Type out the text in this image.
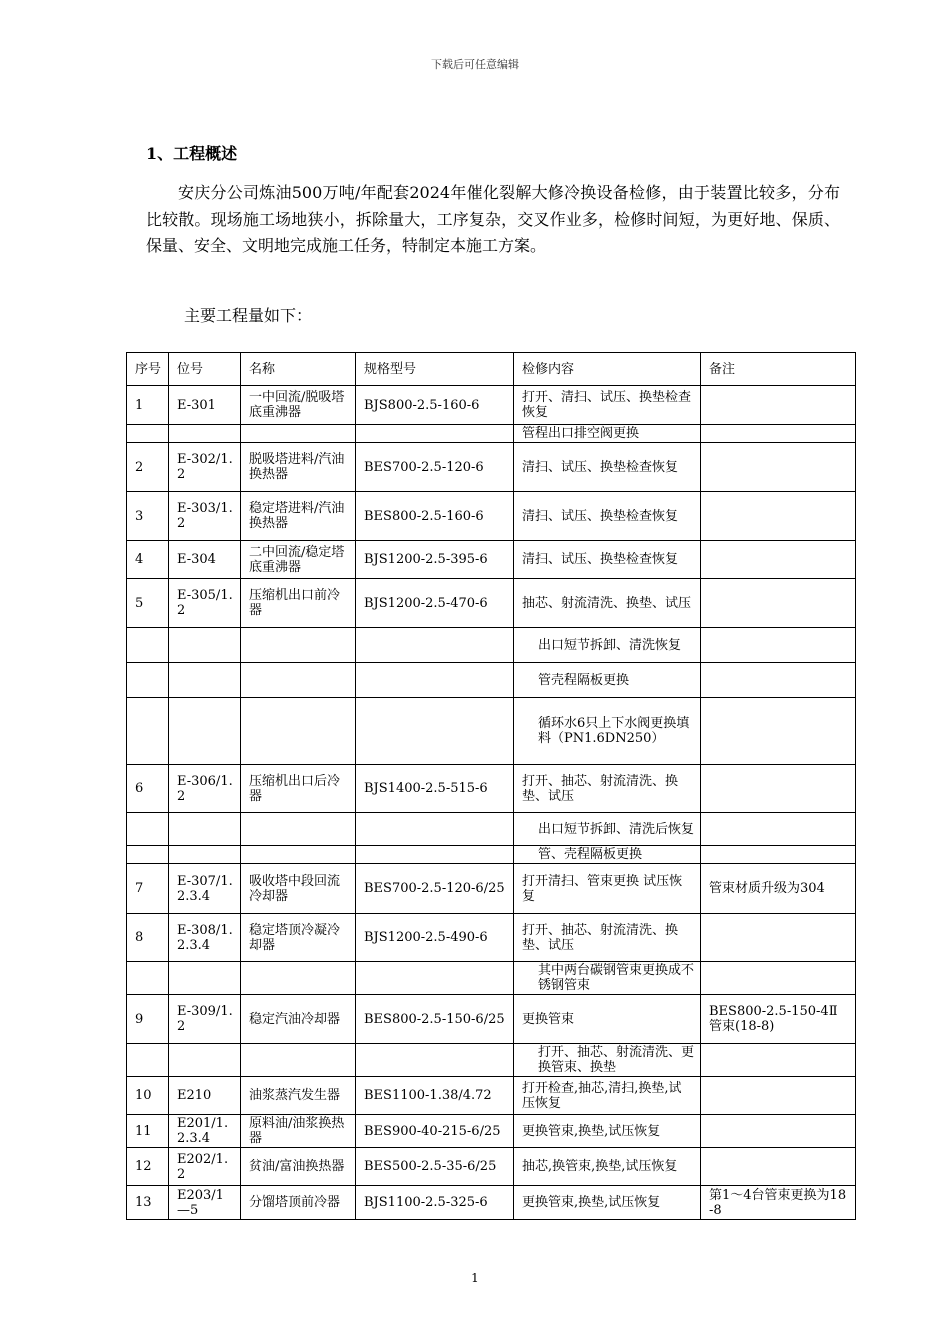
下载后可任意编辑
1、工程概述

安庆分公司炼油500万吨/年配套2024年催化裂解大修冷换设备检修，由于装置比较多，分布比较散。现场施工场地狭小，拆除量大，工序复杂，交叉作业多，检修时间短，为更好地、保质、保量、安全、文明地完成施工任务，特制定本施工方案。

主要工程量如下：
序号	位号	名称	规格型号	检修内容	备注
1	E-301	一中回流/脱吸塔底重沸器	BJS800-2.5-160-6	打开、清扫、试压、换垫检查恢复	
				管程出口排空阀更换	
2	E-302/1.2	脱吸塔进料/汽油换热器	BES700-2.5-120-6	清扫、试压、换垫检查恢复	
3	E-303/1.2	稳定塔进料/汽油换热器	BES800-2.5-160-6	清扫、试压、换垫检查恢复	
4	E-304	二中回流/稳定塔底重沸器	BJS1200-2.5-395-6	清扫、试压、换垫检查恢复	
5	E-305/1.2	压缩机出口前冷器	BJS1200-2.5-470-6	抽芯、射流清洗、换垫、试压	
				出口短节拆卸、清洗恢复	
				管壳程隔板更换	
				循环水6只上下水阀更换填料（PN1.6DN250）	
6	E-306/1.2	压缩机出口后冷器	BJS1400-2.5-515-6	打开、抽芯、射流清洗、换垫、试压	
				出口短节拆卸、清洗后恢复	
				管、壳程隔板更换	
7	E-307/1.2.3.4	吸收塔中段回流冷却器	BES700-2.5-120-6/25	打开清扫、管束更换 试压恢复	管束材质升级为304
8	E-308/1.2.3.4	稳定塔顶冷凝冷却器	BJS1200-2.5-490-6	打开、抽芯、射流清洗、换垫、试压	
				其中两台碳钢管束更换成不锈钢管束	
9	E-309/1.2	稳定汽油冷却器	BES800-2.5-150-6/25	更换管束	BES800-2.5-150-4Ⅱ管束(18-8)
				打开、抽芯、射流清洗、更换管束、换垫	
10	E210	油浆蒸汽发生器	BES1100-1.38/4.72	打开检查,抽芯,清扫,换垫,试压恢复	
11	E201/1.2.3.4	原料油/油浆换热器	BES900-40-215-6/25	更换管束,换垫,试压恢复	
12	E202/1.2	贫油/富油换热器	BES500-2.5-35-6/25	抽芯,换管束,换垫,试压恢复	
13	E203/1—5	分馏塔顶前冷器	BJS1100-2.5-325-6	更换管束,换垫,试压恢复	第1～4台管束更换为18-8
1
